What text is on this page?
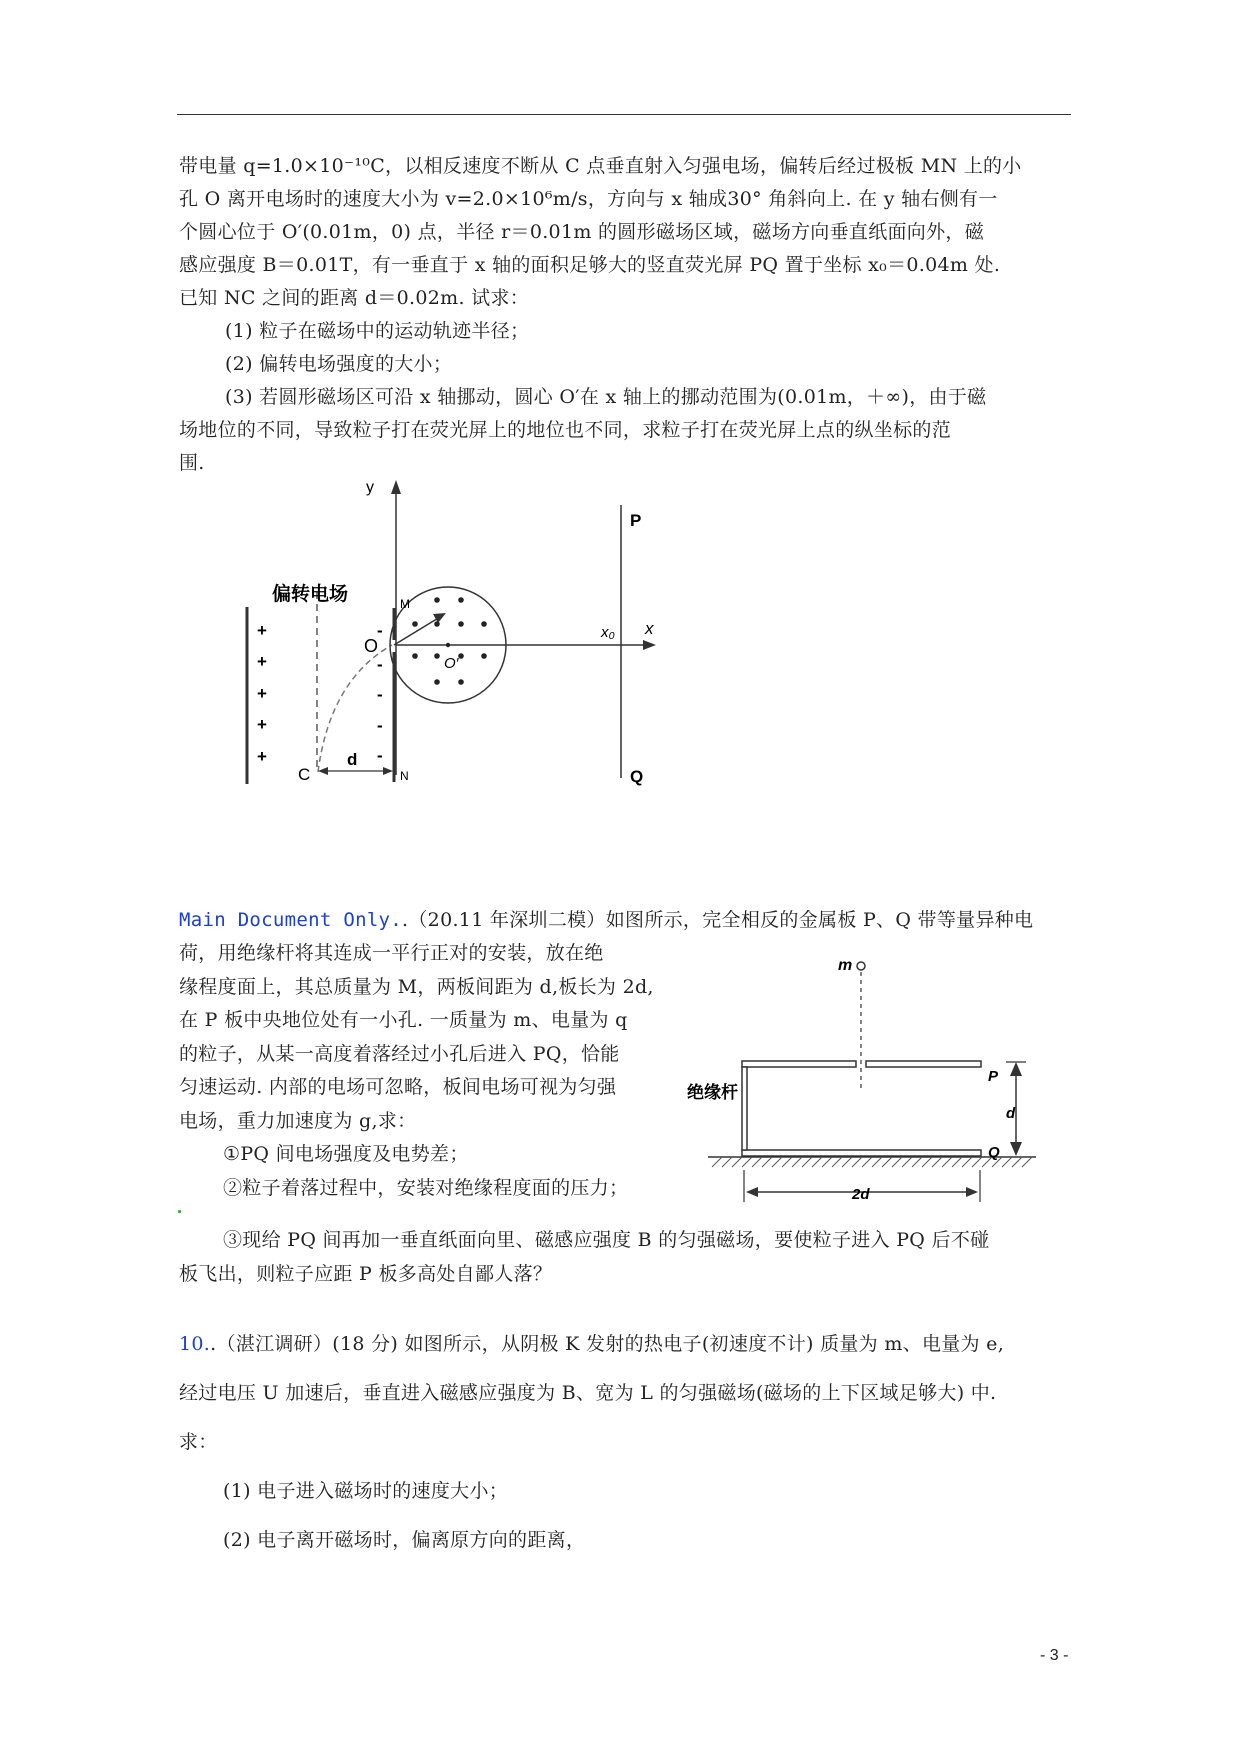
带电量 q=1.0×10⁻¹⁰C，以相反速度不断从 C 点垂直射入匀强电场，偏转后经过极板 MN 上的小

孔 O 离开电场时的速度大小为 v=2.0×10⁶m/s，方向与 x 轴成30° 角斜向上. 在 y 轴右侧有一

个圆心位于 O′(0.01m，0) 点，半径 r＝0.01m 的圆形磁场区域，磁场方向垂直纸面向外，磁

感应强度 B＝0.01T，有一垂直于 x 轴的面积足够大的竖直荧光屏 PQ 置于坐标 x₀＝0.04m 处.

已知 NC 之间的距离 d＝0.02m. 试求：

(1) 粒子在磁场中的运动轨迹半径；

(2) 偏转电场强度的大小；

(3) 若圆形磁场区可沿 x 轴挪动，圆心 O′在 x 轴上的挪动范围为(0.01m，＋∞)，由于磁

场地位的不同，导致粒子打在荧光屏上的地位也不同，求粒子打在荧光屏上点的纵坐标的范

围.

偏转电场
y
x
x₀
P
Q
M
N
O
O′
C
d
+
+
+
+
+
-
-
-
-
-

Main Document Only..（20.11 年深圳二模）如图所示，完全相反的金属板 P、Q 带等量异种电

荷，用绝缘杆将其连成一平行正对的安装，放在绝

缘程度面上，其总质量为 M，两板间距为 d,板长为 2d,

在 P 板中央地位处有一小孔. 一质量为 m、电量为 q

的粒子，从某一高度着落经过小孔后进入 PQ，恰能

匀速运动. 内部的电场可忽略，板间电场可视为匀强

电场，重力加速度为 g,求：

①PQ 间电场强度及电势差；

②粒子着落过程中，安装对绝缘程度面的压力；

③现给 PQ 间再加一垂直纸面向里、磁感应强度 B 的匀强磁场，要使粒子进入 PQ 后不碰

板飞出，则粒子应距 P 板多高处自鄙人落？

m
d
P
Q
绝缘杆
2d

10..（湛江调研）(18 分) 如图所示，从阴极 K 发射的热电子(初速度不计) 质量为 m、电量为 e,

经过电压 U 加速后，垂直进入磁感应强度为 B、宽为 L 的匀强磁场(磁场的上下区域足够大) 中.

求：

(1) 电子进入磁场时的速度大小；

(2) 电子离开磁场时，偏离原方向的距离，

- 3 -
